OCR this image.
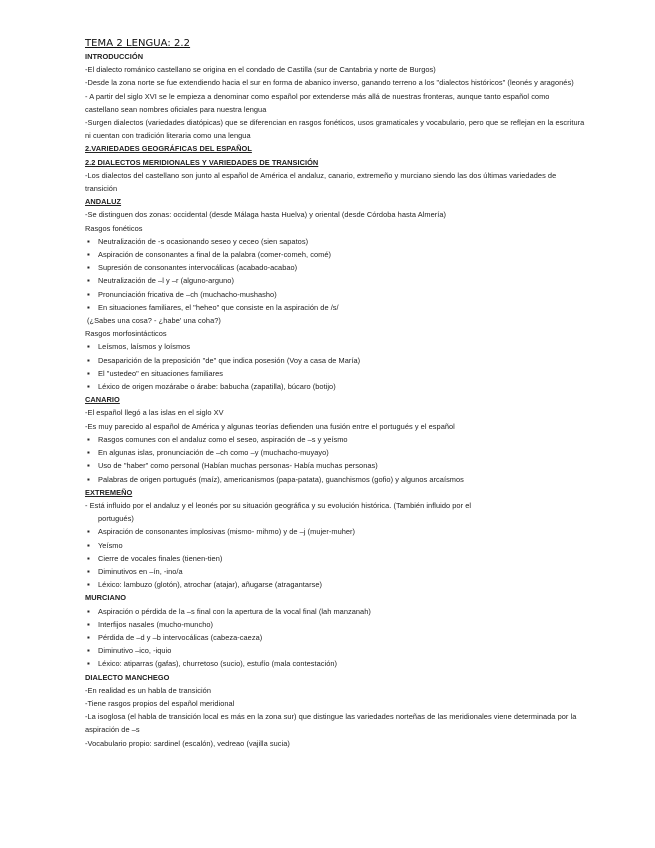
TEMA 2 LENGUA: 2.2
INTRODUCCIÓN
-El dialecto románico castellano se origina en el condado de Castilla (sur de Cantabria y norte de Burgos)
-Desde la zona norte se fue extendiendo hacia el sur en forma de abanico inverso, ganando terreno a los "dialectos históricos" (leonés y aragonés)
- A partir del siglo XVI se le empieza a denominar como español por extenderse más allá de nuestras fronteras, aunque tanto español como castellano sean nombres oficiales para nuestra lengua
-Surgen dialectos (variedades diatópicas) que se diferencian en rasgos fonéticos, usos gramaticales y vocabulario, pero que se reflejan en la escritura ni cuentan con tradición literaria como una lengua
2.VARIEDADES GEOGRÁFICAS DEL ESPAÑOL
2.2 DIALECTOS MERIDIONALES Y VARIEDADES DE TRANSICIÓN
-Los dialectos del castellano son junto al español de América el andaluz, canario, extremeño y murciano siendo las dos últimas variedades de transición
ANDALUZ
-Se distinguen dos zonas: occidental (desde Málaga hasta Huelva) y oriental (desde Córdoba hasta Almería)
Rasgos fonéticos
▪ Neutralización de -s ocasionando seseo y ceceo (sien sapatos)
▪ Aspiración de consonantes a final de la palabra (comer-comeh, comé)
▪ Supresión de consonantes intervocálicas (acabado-acabao)
▪ Neutralización de –l y –r (alguno-arguno)
▪ Pronunciación fricativa de –ch (muchacho-mushasho)
▪ En situaciones familiares, el "heheo" que consiste en la aspiración de /s/
(¿Sabes una cosa? - ¿habe' una coha?)
Rasgos morfosintácticos
▪ Leísmos, laísmos y loísmos
▪ Desaparición de la preposición "de" que indica posesión (Voy a casa de María)
▪ El "ustedeo" en situaciones familiares
▪ Léxico de origen mozárabe o árabe: babucha (zapatilla), búcaro (botijo)
CANARIO
-El español llegó a las islas en el siglo XV
-Es muy parecido al español de América y algunas teorías defienden una fusión entre el portugués y el español
▪ Rasgos comunes con el andaluz como el seseo, aspiración de –s y yeísmo
▪ En algunas islas, pronunciación de –ch como –y (muchacho-muyayo)
▪ Uso de "haber" como personal (Habían muchas personas- Había muchas personas)
▪ Palabras de origen portugués (maíz), americanismos (papa-patata), guanchismos (gofio) y algunos arcaísmos
EXTREMEÑO
- Está influido por el andaluz y el leonés por su situación geográfica y su evolución histórica. (También influido por el
portugués)
▪ Aspiración de consonantes implosivas (mismo- mihmo) y de –j (mujer-muher)
▪ Yeísmo
▪ Cierre de vocales finales (tienen-tien)
▪ Diminutivos en –ín, -ino/a
▪ Léxico: lambuzo (glotón), atrochar (atajar), añugarse (atragantarse)
MURCIANO
▪ Aspiración o pérdida de la –s final con la apertura de la vocal final (lah manzanah)
▪ Interfijos nasales (mucho-muncho)
▪ Pérdida de –d y –b intervocálicas (cabeza-caeza)
▪ Diminutivo –ico, -iquio
▪ Léxico: atiparras (gafas), churretoso (sucio), estufío (mala contestación)
DIALECTO MANCHEGO
-En realidad es un habla de transición
-Tiene rasgos propios del español meridional
-La isoglosa (el habla de transición local es más en la zona sur) que distingue las variedades norteñas de las meridionales viene determinada por la aspiración de –s
-Vocabulario propio: sardinel (escalón), vedreao (vajilla sucia)
